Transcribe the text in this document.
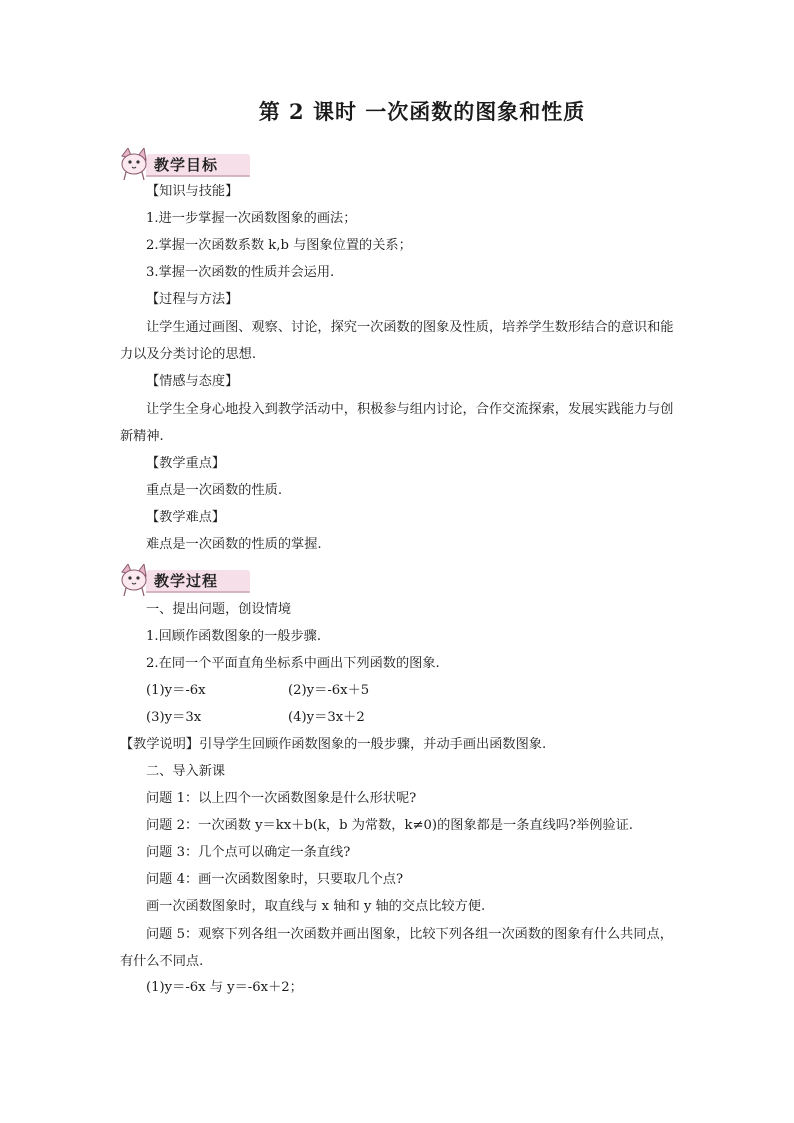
第 2 课时 一次函数的图象和性质
教学目标
【知识与技能】
1.进一步掌握一次函数图象的画法；
2.掌握一次函数系数 k,b 与图象位置的关系；
3.掌握一次函数的性质并会运用.
【过程与方法】
让学生通过画图、观察、讨论，探究一次函数的图象及性质，培养学生数形结合的意识和能力以及分类讨论的思想.
【情感与态度】
让学生全身心地投入到教学活动中，积极参与组内讨论，合作交流探索，发展实践能力与创新精神.
【教学重点】
重点是一次函数的性质.
【教学难点】
难点是一次函数的性质的掌握.
教学过程
一、提出问题，创设情境
1.回顾作函数图象的一般步骤.
2.在同一个平面直角坐标系中画出下列函数的图象.
(1)y＝-6x	(2)y＝-6x＋5
(3)y＝3x	(4)y＝3x＋2
【教学说明】引导学生回顾作函数图象的一般步骤，并动手画出函数图象.
二、导入新课
问题 1：以上四个一次函数图象是什么形状呢?
问题 2：一次函数 y＝kx＋b(k，b 为常数，k≠0)的图象都是一条直线吗?举例验证.
问题 3：几个点可以确定一条直线?
问题 4：画一次函数图象时，只要取几个点?
画一次函数图象时，取直线与 x 轴和 y 轴的交点比较方便.
问题 5：观察下列各组一次函数并画出图象，比较下列各组一次函数的图象有什么共同点，有什么不同点.
(1)y＝-6x 与 y＝-6x＋2；
